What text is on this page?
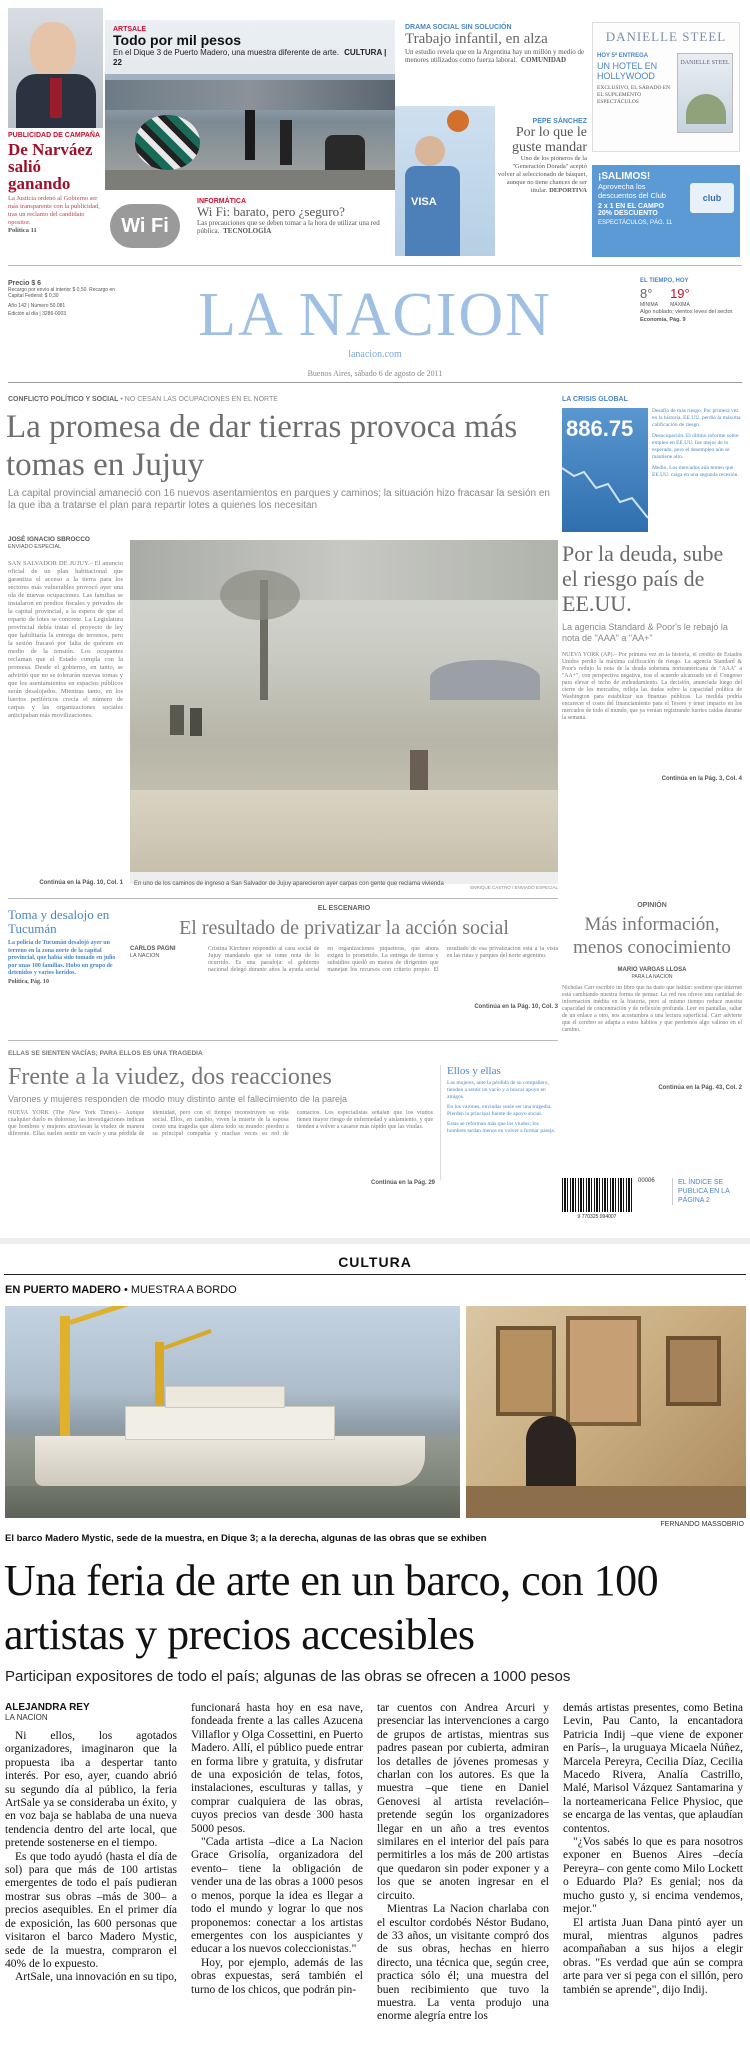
PUBLICIDAD DE CAMPAÑA
De Narváez salió ganando
La Justicia ordenó al Gobierno ser más transparente con la publicidad, tras un reclamo del candidato opositor.
Política 11
ARTSALE
Todo por mil pesos
En el Dique 3 de Puerto Madero, una muestra diferente de arte. CULTURA | 22
Wi Fi
INFORMÁTICA
Wi Fi: barato, pero ¿seguro?
Las precauciones que se deben tomar a la hora de utilizar una red pública. TECNOLOGÍA
DRAMA SOCIAL SIN SOLUCIÓN
Trabajo infantil, en alza
Un estudio revela que en la Argentina hay un millón y medio de menores utilizados como fuerza laboral. COMUNIDAD
VISA
PEPE SÁNCHEZ
Por lo que le guste mandar
Uno de los pioneros de la "Generación Dorada" aceptó volver al seleccionado de básquet, aunque no tiene chances de ser titular. DEPORTIVA
DANIELLE STEEL
HOY 5ª ENTREGA
UN HOTEL EN HOLLYWOOD
EXCLUSIVO, EL SÁBADO EN EL SUPLEMENTO ESPECTÁCULOS
DANIELLE STEEL
¡SALIMOS!
Aprovecha los descuentos del Club
2 x 1 EN EL CAMPO
20% DESCUENTO
ESPECTÁCULOS, PÁG. 11
club
Precio $ 6
Recargo por envío al interior $ 0,50. Recargo en Capital Federal: $ 0,30
Año 142 | Número 50.081
Edición al día | 3286-0003	LA NACION
lanacion.com
Buenos Aires, sábado 6 de agosto de 2011
EL TIEMPO, HOY
8°
MÍNIMA
19°
MÁXIMA
Algo nublado; vientos leves del sector.
Economía, Pág. 9
CONFLICTO POLÍTICO Y SOCIAL • NO CESAN LAS OCUPACIONES EN EL NORTE
La promesa de dar tierras provoca más tomas en Jujuy
La capital provincial amaneció con 16 nuevos asentamientos en parques y caminos; la situación hizo fracasar la sesión en la que iba a tratarse el plan para repartir lotes a quienes los necesitan
JOSÉ IGNACIO SBROCCO
ENVIADO ESPECIAL
SAN SALVADOR DE JUJUY.– El anuncio oficial de un plan habitacional que garantiza el acceso a la tierra para los sectores más vulnerables provocó ayer una ola de nuevas ocupaciones. Las familias se instalaron en predios fiscales y privados de la capital provincial, a la espera de que el reparto de lotes se concrete. La Legislatura provincial debía tratar el proyecto de ley que habilitaría la entrega de terrenos, pero la sesión fracasó por falta de quórum en medio de la tensión. Los ocupantes reclaman que el Estado cumpla con la promesa. Desde el gobierno, en tanto, se advirtió que no se tolerarán nuevas tomas y que los asentamientos en espacios públicos serán desalojados. Mientras tanto, en los barrios periféricos crecía el número de carpas y las organizaciones sociales anticipaban más movilizaciones.
En uno de los caminos de ingreso a San Salvador de Jujuy aparecieron ayer carpas con gente que reclama vivienda
ENRIQUE CASTRO / ENVIADO ESPECIAL
Continúa en la Pág. 10, Col. 1
LA CRISIS GLOBAL
886.75
Desafío de más riesgo. Por primera vez en la historia, EE.UU. perdió la máxima calificación de riesgo.
Desocupación. El último informe sobre empleo en EE.UU. fue mejor de lo esperado, pero el desempleo aún se mantiene alto.
Medio. Los mercados aún temen que EE.UU. caiga en una segunda recesión.
Por la deuda, sube el riesgo país de EE.UU.
La agencia Standard & Poor's le rebajó la nota de "AAA" a "AA+"
NUEVA YORK (AP).– Por primera vez en la historia, el crédito de Estados Unidos perdió la máxima calificación de riesgo. La agencia Standard & Poor's redujo la nota de la deuda soberana norteamericana de "AAA" a "AA+", con perspectiva negativa, tras el acuerdo alcanzado en el Congreso para elevar el techo de endeudamiento. La decisión, anunciada luego del cierre de los mercados, refleja las dudas sobre la capacidad política de Washington para estabilizar sus finanzas públicas. La medida podría encarecer el costo del financiamiento para el Tesoro y tener impacto en los mercados de todo el mundo, que ya venían registrando fuertes caídas durante la semana.
Continúa en la Pág. 3, Col. 4
Toma y desalojo en Tucumán
La policía de Tucumán desalojó ayer un terreno en la zona norte de la capital provincial, que había sido tomado en julio por unas 100 familias. Hubo un grupo de detenidos y varios heridos.
Política, Pág. 10
EL ESCENARIO
El resultado de privatizar la acción social
CARLOS PAGNI
LA NACION
Cristina Kirchner respondió al caos social de Jujuy mandando que se tome nota de lo ocurrido. Es una paradoja: el gobierno nacional delegó durante años la ayuda social en organizaciones piqueteras, que ahora exigen lo prometido. La entrega de tierras y subsidios quedó en manos de dirigentes que manejan los recursos con criterio propio. El resultado de esa privatización está a la vista en las rutas y parques del norte argentino.
Continúa en la Pág. 10, Col. 3
OPINIÓN
Más información, menos conocimiento
MARIO VARGAS LLOSA
PARA LA NACION
Nicholas Carr escribió un libro que ha dado que hablar: sostiene que internet está cambiando nuestra forma de pensar. La red nos ofrece una cantidad de información inédita en la historia, pero al mismo tiempo reduce nuestra capacidad de concentración y de reflexión profunda. Leer en pantallas, saltar de un enlace a otro, nos acostumbra a una lectura superficial. Carr advierte que el cerebro se adapta a estos hábitos y que perdemos algo valioso en el camino.
Continúa en la Pág. 43, Col. 2
ELLAS SE SIENTEN VACÍAS; PARA ELLOS ES UNA TRAGEDIA
Frente a la viudez, dos reacciones
Varones y mujeres responden de modo muy distinto ante el fallecimiento de la pareja
NUEVA YORK (The New York Times).– Aunque cualquier duelo es doloroso, las investigaciones indican que hombres y mujeres atraviesan la viudez de manera diferente. Ellas suelen sentir un vacío y una pérdida de identidad, pero con el tiempo reconstruyen su vida social. Ellos, en cambio, viven la muerte de la esposa como una tragedia que altera todo su mundo: pierden a su principal compañía y muchas veces su red de contactos. Los especialistas señalan que los viudos tienen mayor riesgo de enfermedad y aislamiento, y que tienden a volver a casarse más rápido que las viudas.
Ellos y ellas
Las mujeres, ante la pérdida de su compañero, tienden a sentir un vacío y a buscar apoyo en amigos.
En los varones, enviudar suele ser una tragedia. Pierden la principal fuente de apoyo social.
Estas se reforman más que los viudos; los hombres tardan menos en volver a formar pareja.
Continúa en la Pág. 29
9 770325 094007
00006	EL ÍNDICE SE PUBLICA EN LA PÁGINA 2
CULTURA
EN PUERTO MADERO • MUESTRA A BORDO
FERNANDO MASSOBRIO
El barco Madero Mystic, sede de la muestra, en Dique 3; a la derecha, algunas de las obras que se exhiben
Una feria de arte en un barco, con 100 artistas y precios accesibles
Participan expositores de todo el país; algunas de las obras se ofrecen a 1000 pesos
ALEJANDRA REY
LA NACION

Ni ellos, los agotados organizadores, imaginaron que la propuesta iba a despertar tanto interés. Por eso, ayer, cuando abrió su segundo día al público, la feria ArtSale ya se consideraba un éxito, y en voz baja se hablaba de una nueva tendencia dentro del arte local, que pretende sostenerse en el tiempo.

Es que todo ayudó (hasta el día de sol) para que más de 100 artistas emergentes de todo el país pudieran mostrar sus obras –más de 300– a precios asequibles. En el primer día de exposición, las 600 personas que visitaron el barco Madero Mystic, sede de la muestra, compraron el 40% de lo expuesto.

ArtSale, una innovación en su tipo,

funcionará hasta hoy en esa nave, fondeada frente a las calles Azucena Villaflor y Olga Cossettini, en Puerto Madero. Allí, el público puede entrar en forma libre y gratuita, y disfrutar de una exposición de telas, fotos, instalaciones, esculturas y tallas, y comprar cualquiera de las obras, cuyos precios van desde 300 hasta 5000 pesos.

"Cada artista –dice a La Nacion Grace Grisolía, organizadora del evento– tiene la obligación de vender una de las obras a 1000 pesos o menos, porque la idea es llegar a todo el mundo y lograr lo que nos proponemos: conectar a los artistas emergentes con los auspiciantes y educar a los nuevos coleccionistas."

Hoy, por ejemplo, además de las obras expuestas, será también el turno de los chicos, que podrán pin-

tar cuentos con Andrea Arcuri y presenciar las intervenciones a cargo de grupos de artistas, mientras sus padres pasean por cubierta, admiran los detalles de jóvenes promesas y charlan con los autores. Es que la muestra –que tiene en Daniel Genovesi al artista revelación– pretende según los organizadores llegar en un año a tres eventos similares en el interior del país para permitirles a los más de 200 artistas que quedaron sin poder exponer y a los que se anoten ingresar en el circuito.

Mientras La Nacion charlaba con el escultor cordobés Néstor Budano, de 33 años, un visitante compró dos de sus obras, hechas en hierro directo, una técnica que, según cree, practica sólo él; una muestra del buen recibimiento que tuvo la muestra. La venta produjo una enorme alegría entre los

demás artistas presentes, como Betina Levin, Pau Canto, la encantadora Patricia Indij –que viene de exponer en París–, la uruguaya Micaela Núñez, Marcela Pereyra, Cecilia Díaz, Cecilia Macedo Rivera, Analía Castrillo, Malé, Marisol Vázquez Santamarina y la norteamericana Felice Physioc, que se encarga de las ventas, que aplaudían contentos.

"¿Vos sabés lo que es para nosotros exponer en Buenos Aires –decía Pereyra– con gente como Milo Lockett o Eduardo Pla? Es genial; nos da mucho gusto y, si encima vendemos, mejor."

El artista Juan Dana pintó ayer un mural, mientras algunos padres acompañaban a sus hijos a elegir obras. "Es verdad que aún se compra arte para ver si pega con el sillón, pero también se aprende", dijo Indij.
